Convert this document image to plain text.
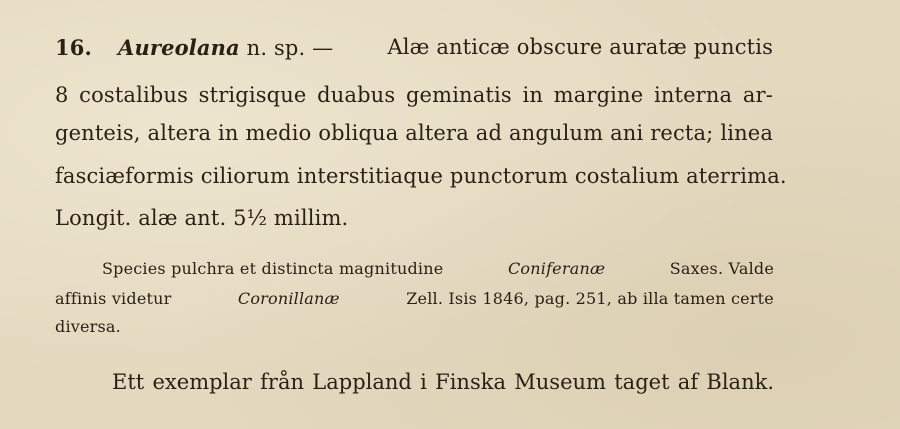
16. Aureolana n. sp. —	Alæ anticæ obscure auratæ punctis
8 costalibus strigisque duabus geminatis in margine interna ar-
genteis, altera in medio obliqua altera ad angulum ani recta; linea
fasciæformis ciliorum interstitiaque punctorum costalium aterrima.
Longit. alæ ant. 5½ millim.
Species pulchra et distincta magnitudine	Coniferanæ	Saxes. Valde
affinis videtur	Coronillanæ	Zell. Isis 1846, pag. 251, ab illa tamen certe
diversa.
Ett exemplar från Lappland i Finska Museum taget af Blank.
